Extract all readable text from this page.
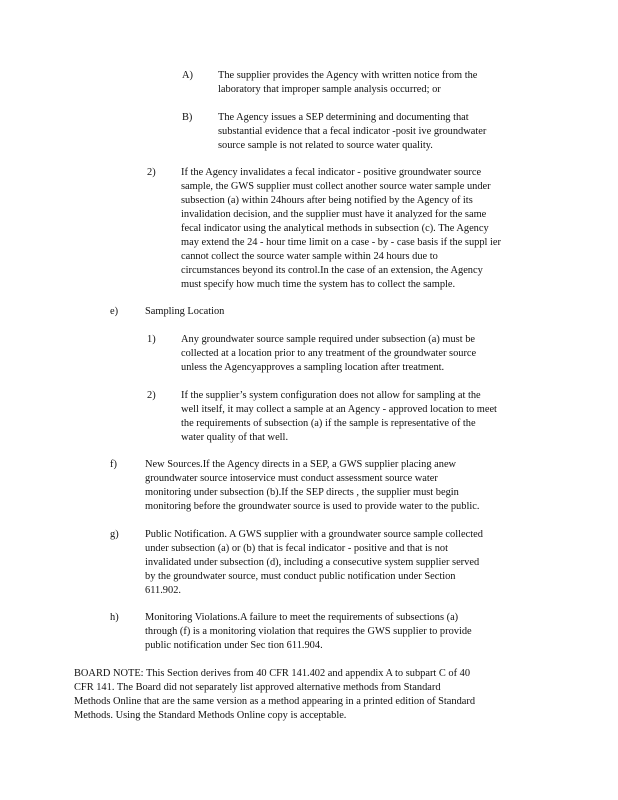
A) The supplier provides the Agency with written notice from the
laboratory that improper sample analysis occurred; or
B) The Agency issues a SEP determining and documenting that
substantial evidence that a fecal indicator -posit ive groundwater
source sample is not related to source water quality.
2) If the Agency invalidates a fecal indicator - positive groundwater source
sample, the GWS supplier must collect another source water sample under
subsection (a) within 24hours after being notified by the Agency of its
invalidation decision, and the supplier must have it analyzed for the same
fecal indicator using the analytical methods in subsection (c). The Agency
may extend the 24 - hour time limit on a case - by - case basis if the suppl ier
cannot collect the source water sample within 24 hours due to
circumstances beyond its control.In the case of an extension, the Agency
must specify how much time the system has to collect the sample.
e)	Sampling Location
1) Any groundwater source sample required under subsection (a) must be
collected at a location prior to any treatment of the groundwater source
unless the Agencyapproves a sampling location after treatment.
2) If the supplier’s system configuration does not allow for sampling at the
well itself, it may collect a sample at an Agency - approved location to meet
the requirements of subsection (a) if the sample is representative of the
water quality of that well.
f)	New Sources.If the Agency directs in a SEP, a GWS supplier placing anew
groundwater source intoservice must conduct assessment source water
monitoring under subsection (b).If the SEP directs , the supplier must begin
monitoring before the groundwater source is used to provide water to the public.
g)	Public Notification. A GWS supplier with a groundwater source sample collected
under subsection (a) or (b) that is fecal indicator - positive and that is not
invalidated under subsection (d), including a consecutive system supplier served
by the groundwater source, must conduct public notification under Section
611.902.
h)	Monitoring Violations.A failure to meet the requirements of subsections (a)
through (f) is a monitoring violation that requires the GWS supplier to provide
public notification under Sec tion 611.904.
BOARD NOTE: This Section derives from 40 CFR 141.402 and appendix A to subpart C of 40
CFR 141. The Board did not separately list approved alternative methods from Standard
Methods Online that are the same version as a method appearing in a printed edition of Standard
Methods. Using the Standard Methods Online copy is acceptable.
